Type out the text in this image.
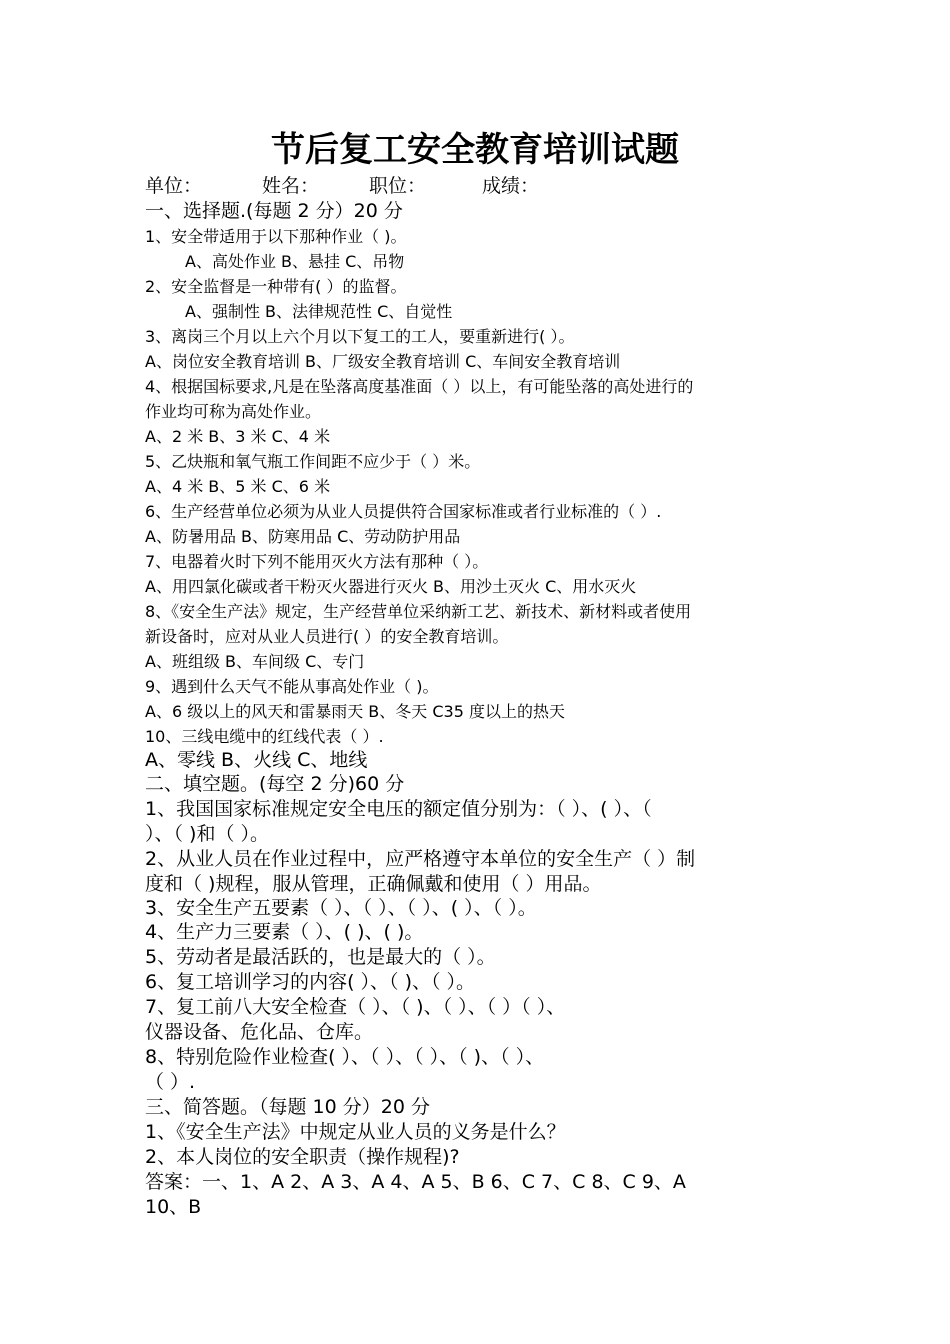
节后复工安全教育培训试题
单位：	姓名：	职位：	成绩：
一、选择题.(每题 2 分）20 分
1、安全带适用于以下那种作业（ )。
A、高处作业 B、悬挂 C、吊物
2、安全监督是一种带有( ）的监督。
A、强制性 B、法律规范性 C、自觉性
3、离岗三个月以上六个月以下复工的工人，要重新进行( ）。
A、岗位安全教育培训 B、厂级安全教育培训 C、车间安全教育培训
4、根据国标要求,凡是在坠落高度基准面（ ）以上，有可能坠落的高处进行的
作业均可称为高处作业。
A、2 米 B、3 米 C、4 米
5、乙炔瓶和氧气瓶工作间距不应少于（ ）米。
A、4 米 B、5 米 C、6 米
6、生产经营单位必须为从业人员提供符合国家标准或者行业标准的（ ）.
A、防暑用品 B、防寒用品 C、劳动防护用品
7、电器着火时下列不能用灭火方法有那种（ ）。
A、用四氯化碳或者干粉灭火器进行灭火 B、用沙土灭火 C、用水灭火
8、《安全生产法》规定，生产经营单位采纳新工艺、新技术、新材料或者使用
新设备时，应对从业人员进行( ）的安全教育培训。
A、班组级 B、车间级 C、专门
9、遇到什么天气不能从事高处作业（ )。
A、6 级以上的风天和雷暴雨天 B、冬天 C35 度以上的热天
10、三线电缆中的红线代表（ ）.
A、零线 B、火线 C、地线
二、填空题。(每空 2 分)60 分
1、我国国家标准规定安全电压的额定值分别为：（ ）、( ）、（
）、（ )和（ ）。
2、从业人员在作业过程中，应严格遵守本单位的安全生产（ ）制
度和（ )规程，服从管理，正确佩戴和使用（ ）用品。
3、安全生产五要素（ ）、（ ）、（ ）、( ）、（ ）。
4、生产力三要素（ ）、( )、( )。
5、劳动者是最活跃的，也是最大的（ ）。
6、复工培训学习的内容( ）、（ )、（ ）。
7、复工前八大安全检查（ ）、（ )、（ ）、（ ）（ ）、
仪器设备、危化品、仓库。
8、特别危险作业检查( ）、（ ）、（ ）、（ )、（ ）、
（ ）.
三、简答题。（每题 10 分）20 分
1、《安全生产法》中规定从业人员的义务是什么？
2、本人岗位的安全职责（操作规程)?
答案：一、1、A 2、A 3、A 4、A 5、B 6、C 7、C 8、C 9、A
10、B
